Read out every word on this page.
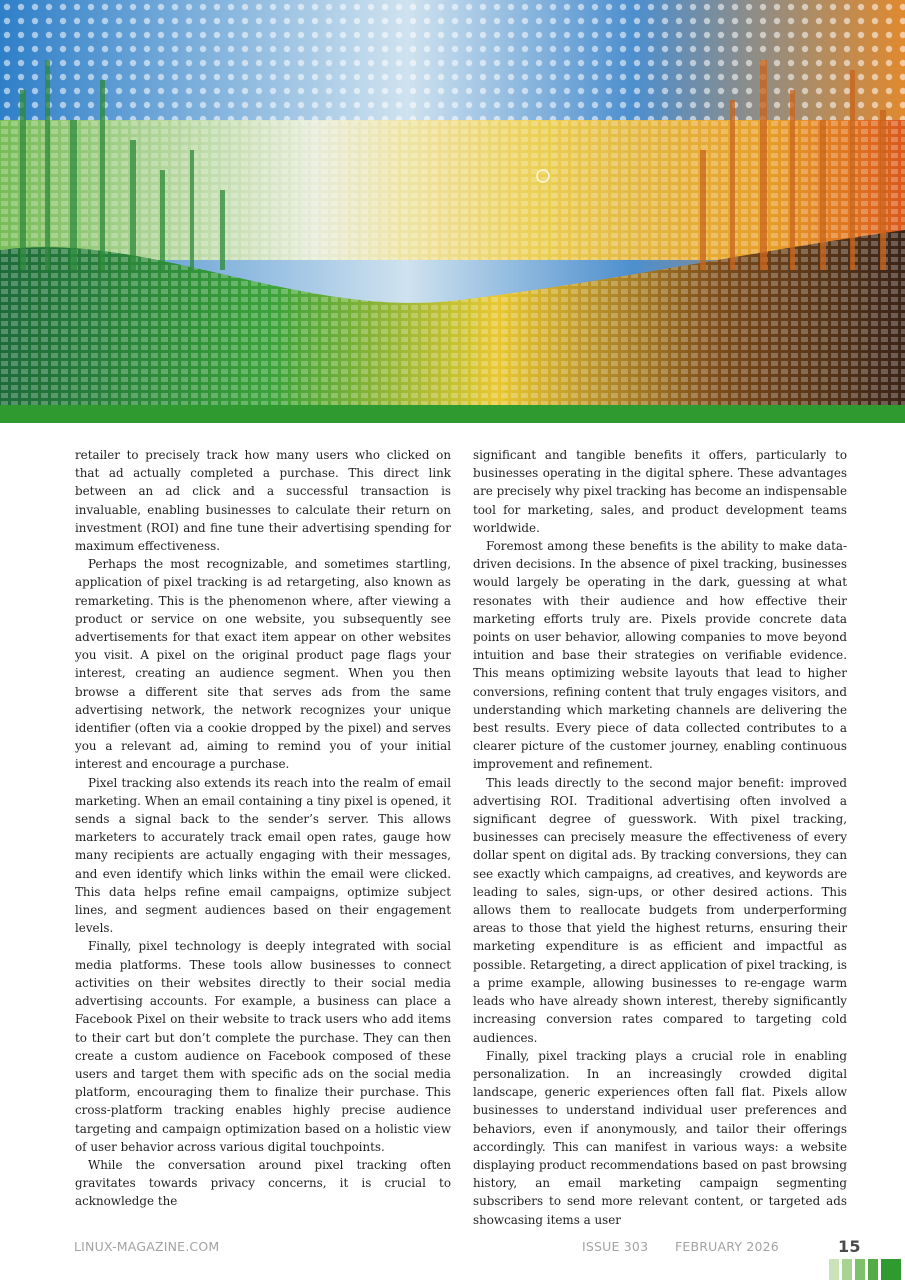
retailer to precisely track how many users who clicked on that ad actually completed a purchase. This direct link between an ad click and a successful transaction is invaluable, enabling businesses to calculate their return on investment (ROI) and fine tune their advertising spending for maximum effectiveness.

Perhaps the most recognizable, and sometimes startling, application of pixel tracking is ad retargeting, also known as remarketing. This is the phenomenon where, after viewing a product or service on one website, you subsequently see advertisements for that exact item appear on other websites you visit. A pixel on the original product page flags your interest, creating an audience segment. When you then browse a different site that serves ads from the same advertising network, the network recognizes your unique identifier (often via a cookie dropped by the pixel) and serves you a relevant ad, aiming to remind you of your initial interest and encourage a purchase.

Pixel tracking also extends its reach into the realm of email marketing. When an email containing a tiny pixel is opened, it sends a signal back to the sender’s server. This allows marketers to accurately track email open rates, gauge how many recipients are actually engaging with their messages, and even identify which links within the email were clicked. This data helps refine email campaigns, optimize subject lines, and segment audiences based on their engagement levels.

Finally, pixel technology is deeply integrated with social media platforms. These tools allow businesses to connect activities on their websites directly to their social media advertising accounts. For example, a business can place a Facebook Pixel on their website to track users who add items to their cart but don’t complete the purchase. They can then create a custom audience on Facebook composed of these users and target them with specific ads on the social media platform, encouraging them to finalize their purchase. This cross-platform tracking enables highly precise audience targeting and campaign optimization based on a holistic view of user behavior across various digital touchpoints.

While the conversation around pixel tracking often gravitates towards privacy concerns, it is crucial to acknowledge the

significant and tangible benefits it offers, particularly to businesses operating in the digital sphere. These advantages are precisely why pixel tracking has become an indispensable tool for marketing, sales, and product development teams worldwide.

Foremost among these benefits is the ability to make data-driven decisions. In the absence of pixel tracking, businesses would largely be operating in the dark, guessing at what resonates with their audience and how effective their marketing efforts truly are. Pixels provide concrete data points on user behavior, allowing companies to move beyond intuition and base their strategies on verifiable evidence. This means optimizing website layouts that lead to higher conversions, refining content that truly engages visitors, and understanding which marketing channels are delivering the best results. Every piece of data collected contributes to a clearer picture of the customer journey, enabling continuous improvement and refinement.

This leads directly to the second major benefit: improved advertising ROI. Traditional advertising often involved a significant degree of guesswork. With pixel tracking, businesses can precisely measure the effectiveness of every dollar spent on digital ads. By tracking conversions, they can see exactly which campaigns, ad creatives, and keywords are leading to sales, sign-ups, or other desired actions. This allows them to reallocate budgets from underperforming areas to those that yield the highest returns, ensuring their marketing expenditure is as efficient and impactful as possible. Retargeting, a direct application of pixel tracking, is a prime example, allowing businesses to re-engage warm leads who have already shown interest, thereby significantly increasing conversion rates compared to targeting cold audiences.

Finally, pixel tracking plays a crucial role in enabling personalization. In an increasingly crowded digital landscape, generic experiences often fall flat. Pixels allow businesses to understand individual user preferences and behaviors, even if anonymously, and tailor their offerings accordingly. This can manifest in various ways: a website displaying product recommendations based on past browsing history, an email marketing campaign segmenting subscribers to send more relevant content, or targeted ads showcasing items a user

LINUX-MAGAZINE.COM	ISSUE 303 FEBRUARY 2026	15
